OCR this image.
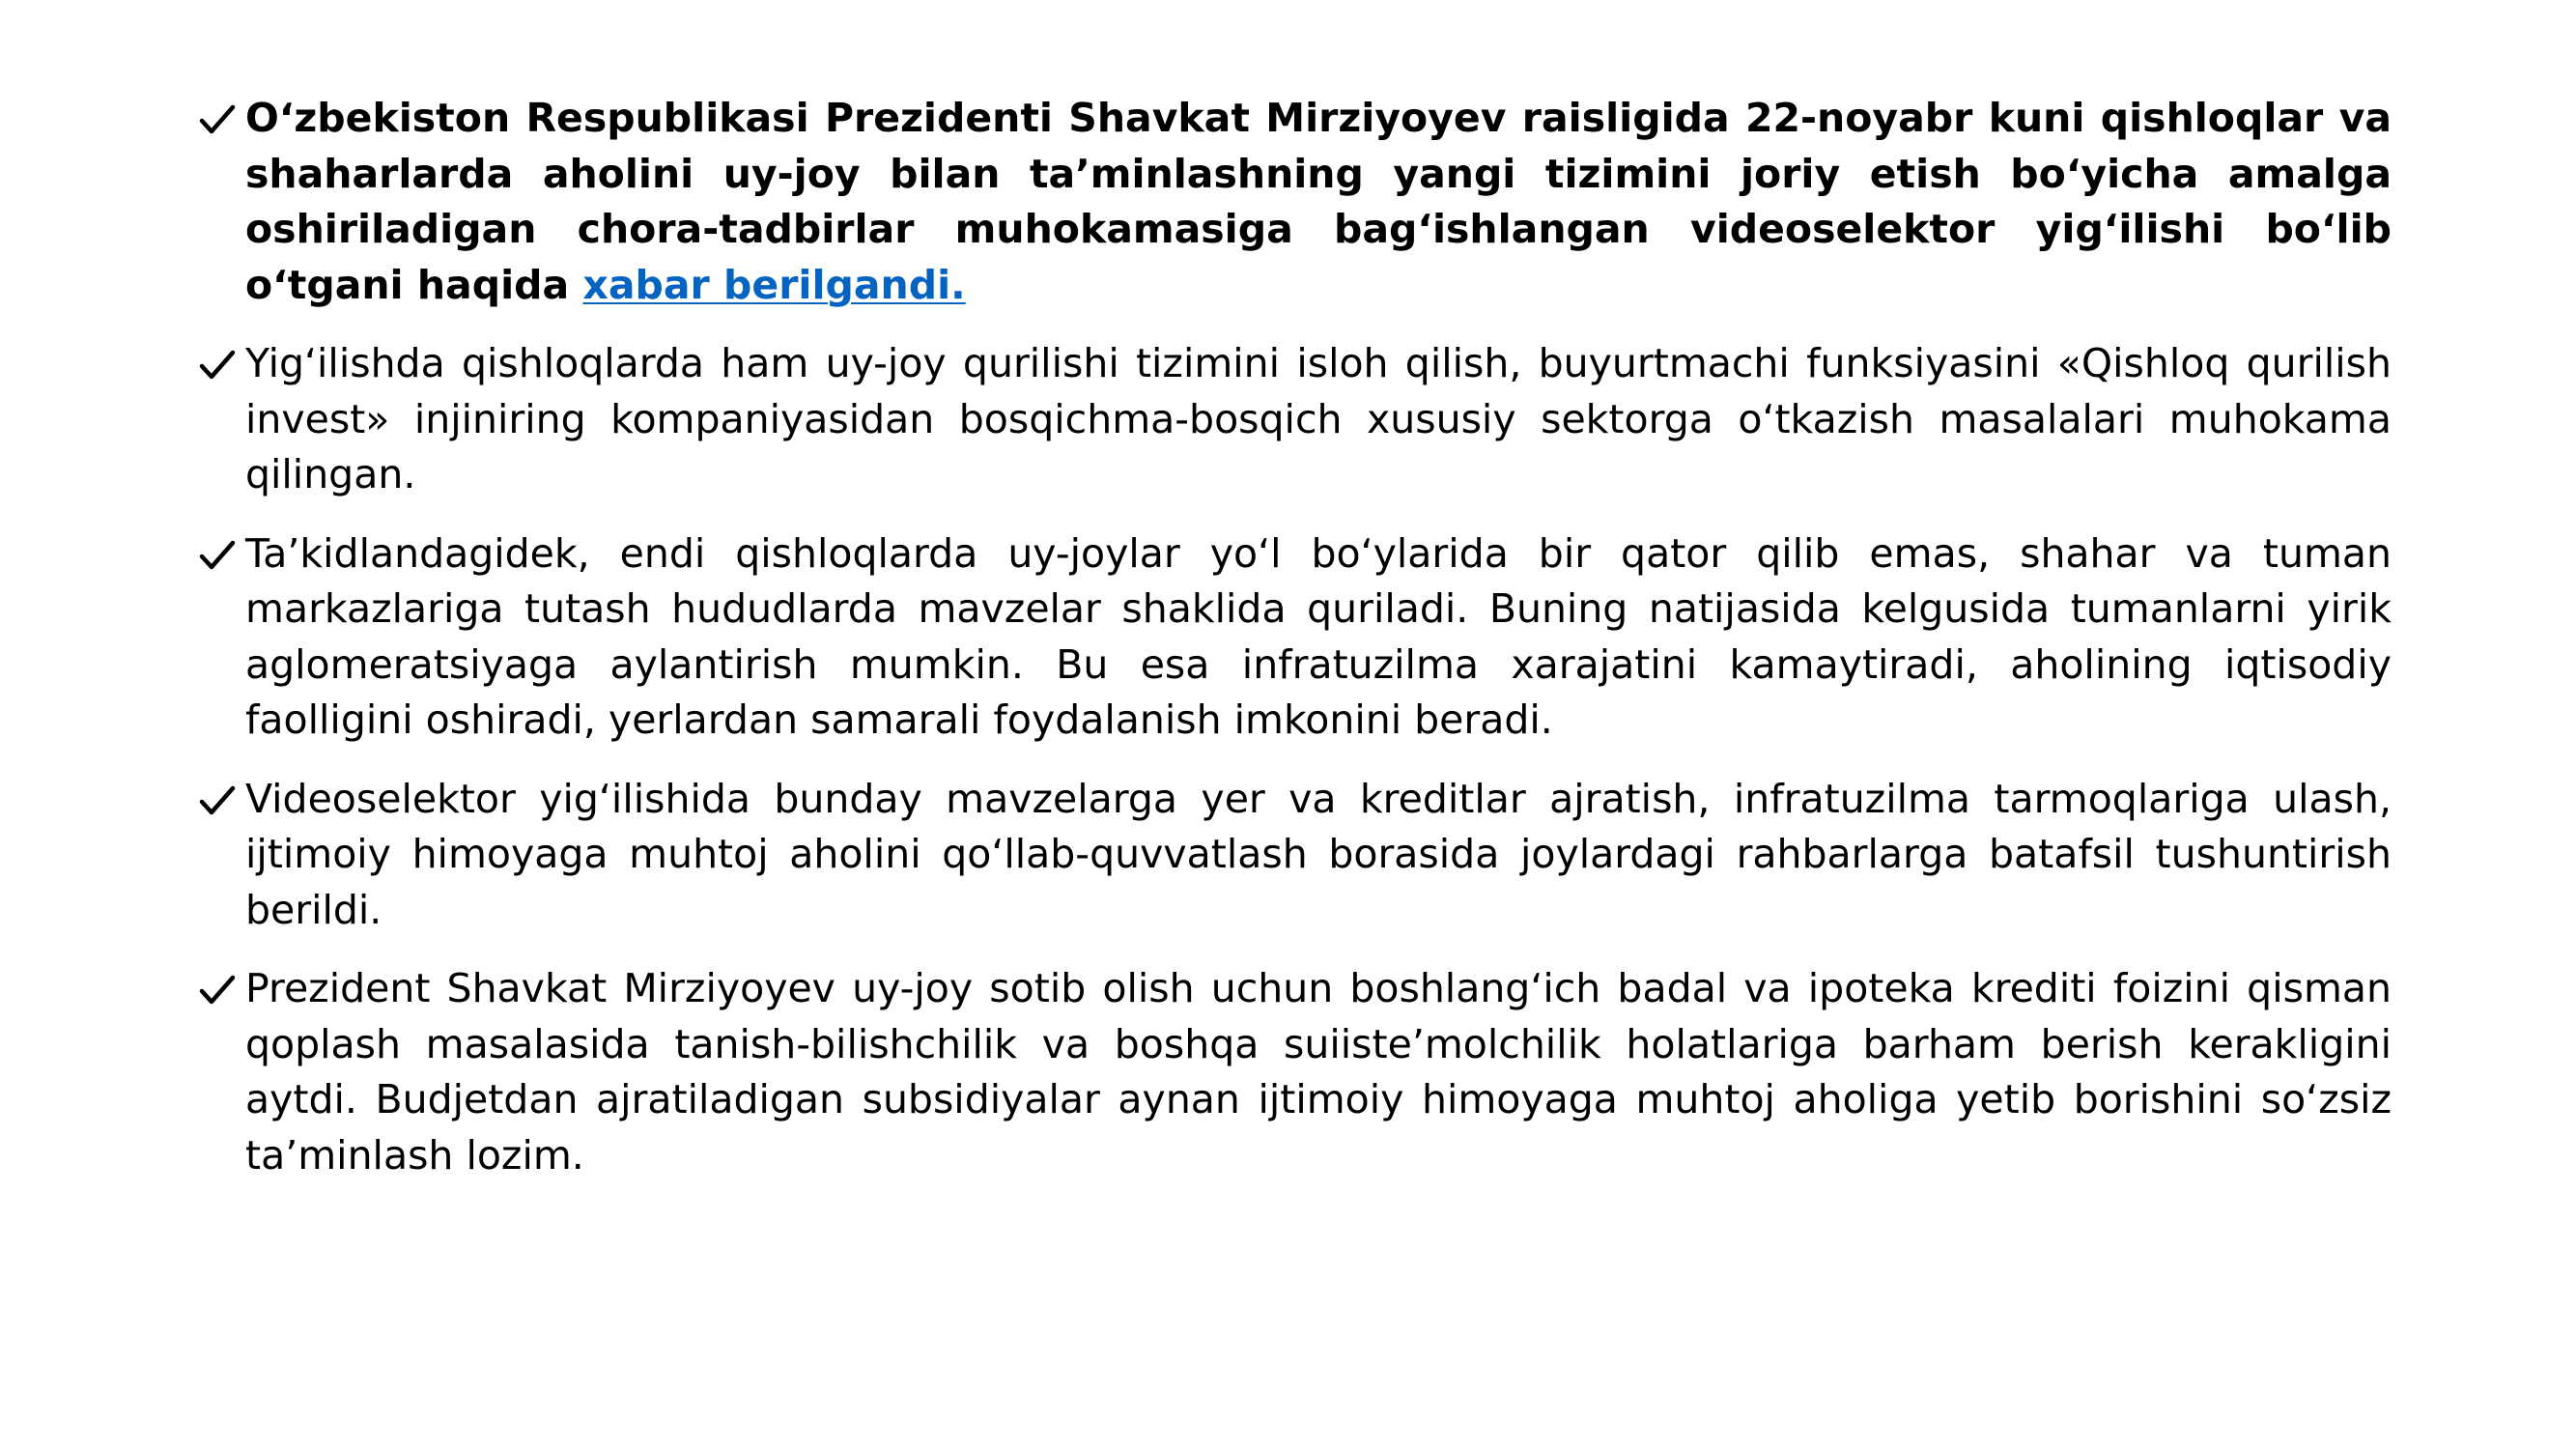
O‘zbekiston Respublikasi Prezidenti Shavkat Mirziyoyev raisligida 22-noyabr kuni qishloqlar va shaharlarda aholini uy-joy bilan ta’minlashning yangi tizimini joriy etish bo‘yicha amalga oshiriladigan chora-tadbirlar muhokamasiga bag‘ishlangan videoselektor yig‘ilishi bo‘lib o‘tgani haqida xabar berilgandi.
Yig‘ilishda qishloqlarda ham uy-joy qurilishi tizimini isloh qilish, buyurtmachi funksiyasini «Qishloq qurilish invest» injiniring kompaniyasidan bosqichma-bosqich xususiy sektorga o‘tkazish masalalari muhokama qilingan.
Ta’kidlandagidek, endi qishloqlarda uy-joylar yo‘l bo‘ylarida bir qator qilib emas, shahar va tuman markazlariga tutash hududlarda mavzelar shaklida quriladi. Buning natijasida kelgusida tumanlarni yirik aglomeratsiyaga aylantirish mumkin. Bu esa infratuzilma xarajatini kamaytiradi, aholining iqtisodiy faolligini oshiradi, yerlardan samarali foydalanish imkonini beradi.
Videoselektor yig‘ilishida bunday mavzelarga yer va kreditlar ajratish, infratuzilma tarmoqlariga ulash, ijtimoiy himoyaga muhtoj aholini qo‘llab-quvvatlash borasida joylardagi rahbarlarga batafsil tushuntirish berildi.
Prezident Shavkat Mirziyoyev uy-joy sotib olish uchun boshlang‘ich badal va ipoteka krediti foizini qisman qoplash masalasida tanish-bilishchilik va boshqa suiiste’molchilik holatlariga barham berish kerakligini aytdi. Budjetdan ajratiladigan subsidiyalar aynan ijtimoiy himoyaga muhtoj aholiga yetib borishini so‘zsiz ta’minlash lozim.
